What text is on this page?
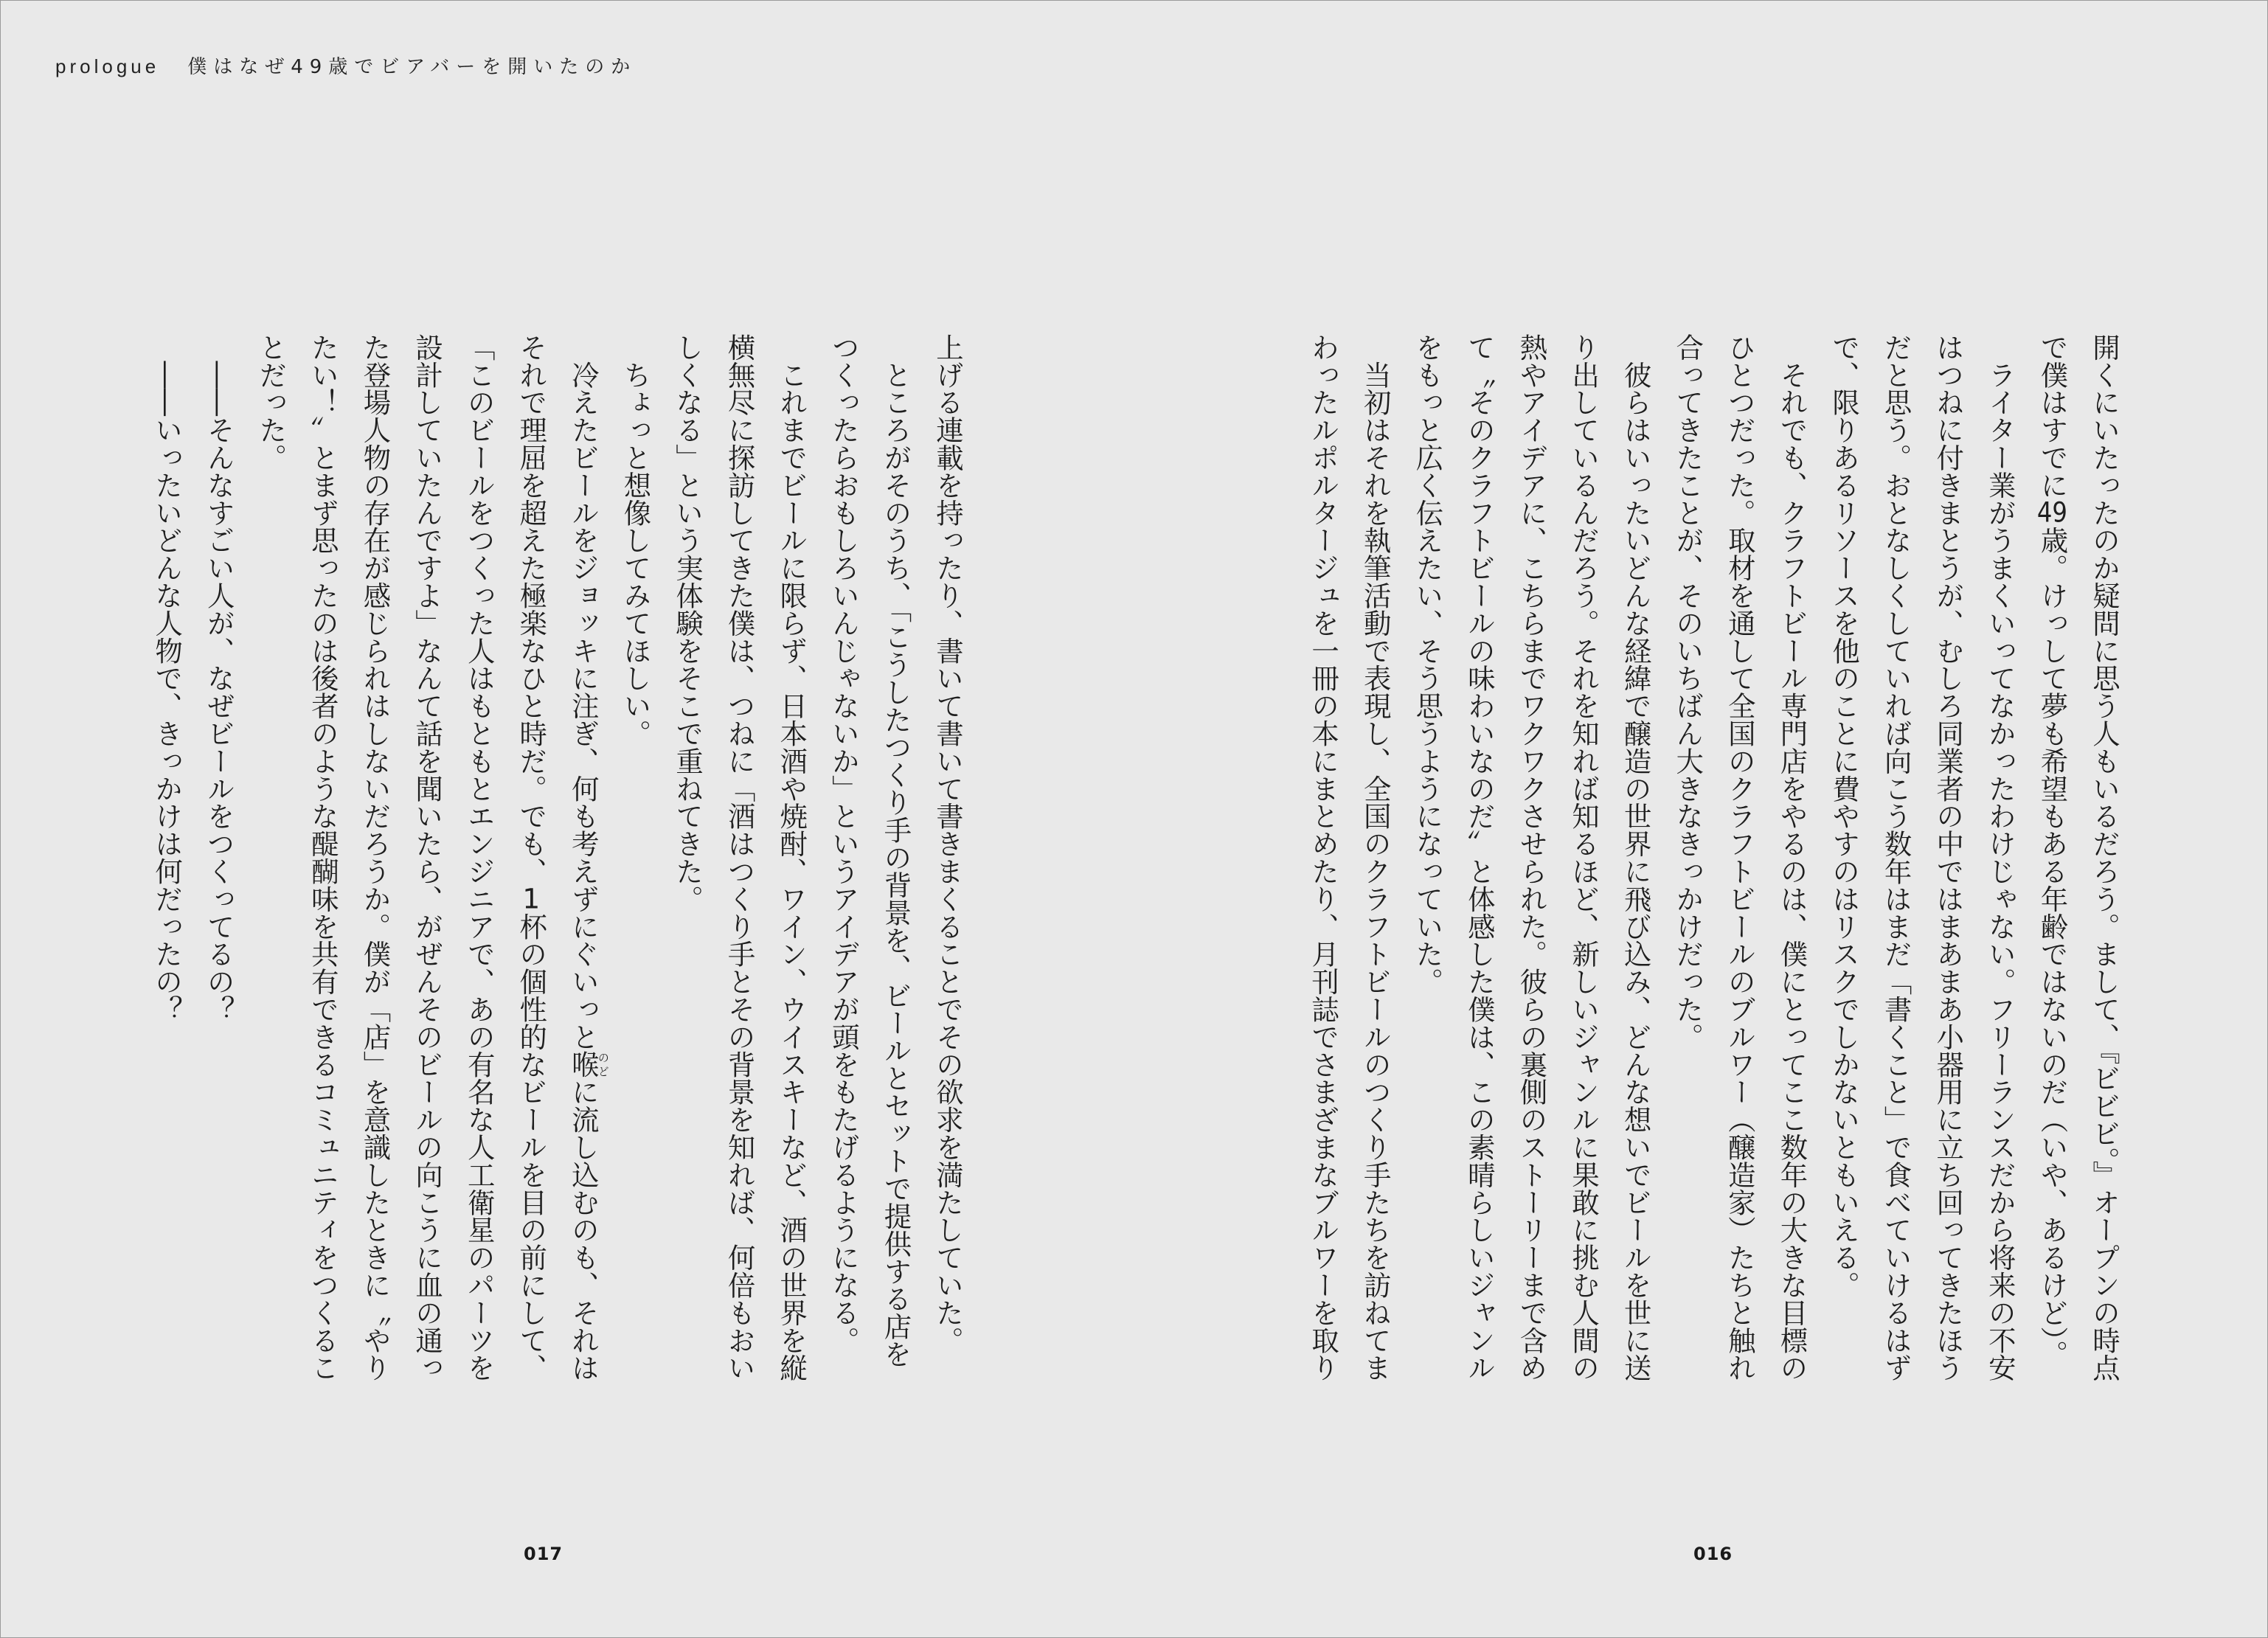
prologue 僕はなぜ49歳でビアバーを開いたのか
開くにいたったのか疑問に思う人もいるだろう。まして、『ビビビ。』オープンの時点
で僕はすでに49歳。けっして夢も希望もある年齢ではないのだ（いや、あるけど）。
　ライター業がうまくいってなかったわけじゃない。フリーランスだから将来の不安
はつねに付きまとうが、むしろ同業者の中ではまあまあ小器用に立ち回ってきたほう
だと思う。おとなしくしていれば向こう数年はまだ「書くこと」で食べていけるはず
で、限りあるリソースを他のことに費やすのはリスクでしかないともいえる。
　それでも、クラフトビール専門店をやるのは、僕にとってここ数年の大きな目標の
ひとつだった。取材を通して全国のクラフトビールのブルワー（醸造家）たちと触れ
合ってきたことが、そのいちばん大きなきっかけだった。
　彼らはいったいどんな経緯で醸造の世界に飛び込み、どんな想いでビールを世に送
り出しているんだろう。それを知れば知るほど、新しいジャンルに果敢に挑む人間の
熱やアイデアに、こちらまでワクワクさせられた。彼らの裏側のストーリーまで含め
て〝そのクラフトビールの味わいなのだ〟と体感した僕は、この素晴らしいジャンル
をもっと広く伝えたい、そう思うようになっていた。
　当初はそれを執筆活動で表現し、全国のクラフトビールのつくり手たちを訪ねてま
わったルポルタージュを一冊の本にまとめたり、月刊誌でさまざまなブルワーを取り
上げる連載を持ったり、書いて書いて書きまくることでその欲求を満たしていた。
　ところがそのうち、「こうしたつくり手の背景を、ビールとセットで提供する店を
つくったらおもしろいんじゃないか」というアイデアが頭をもたげるようになる。
　これまでビールに限らず、日本酒や焼酎、ワイン、ウイスキーなど、酒の世界を縦
横無尽に探訪してきた僕は、つねに「酒はつくり手とその背景を知れば、何倍もおい
しくなる」という実体験をそこで重ねてきた。
　ちょっと想像してみてほしい。
　冷えたビールをジョッキに注ぎ、何も考えずにぐいっと喉のどに流し込むのも、それは
それで理屈を超えた極楽なひと時だ。でも、1杯の個性的なビールを目の前にして、
「このビールをつくった人はもともとエンジニアで、あの有名な人工衛星のパーツを
設計していたんですよ」なんて話を聞いたら、がぜんそのビールの向こうに血の通っ
た登場人物の存在が感じられはしないだろうか。僕が「店」を意識したときに〝やり
たい！〟とまず思ったのは後者のような醍醐味を共有できるコミュニティをつくるこ
とだった。
　――そんなすごい人が、なぜビールをつくってるの？
　――いったいどんな人物で、きっかけは何だったの？
017	016
